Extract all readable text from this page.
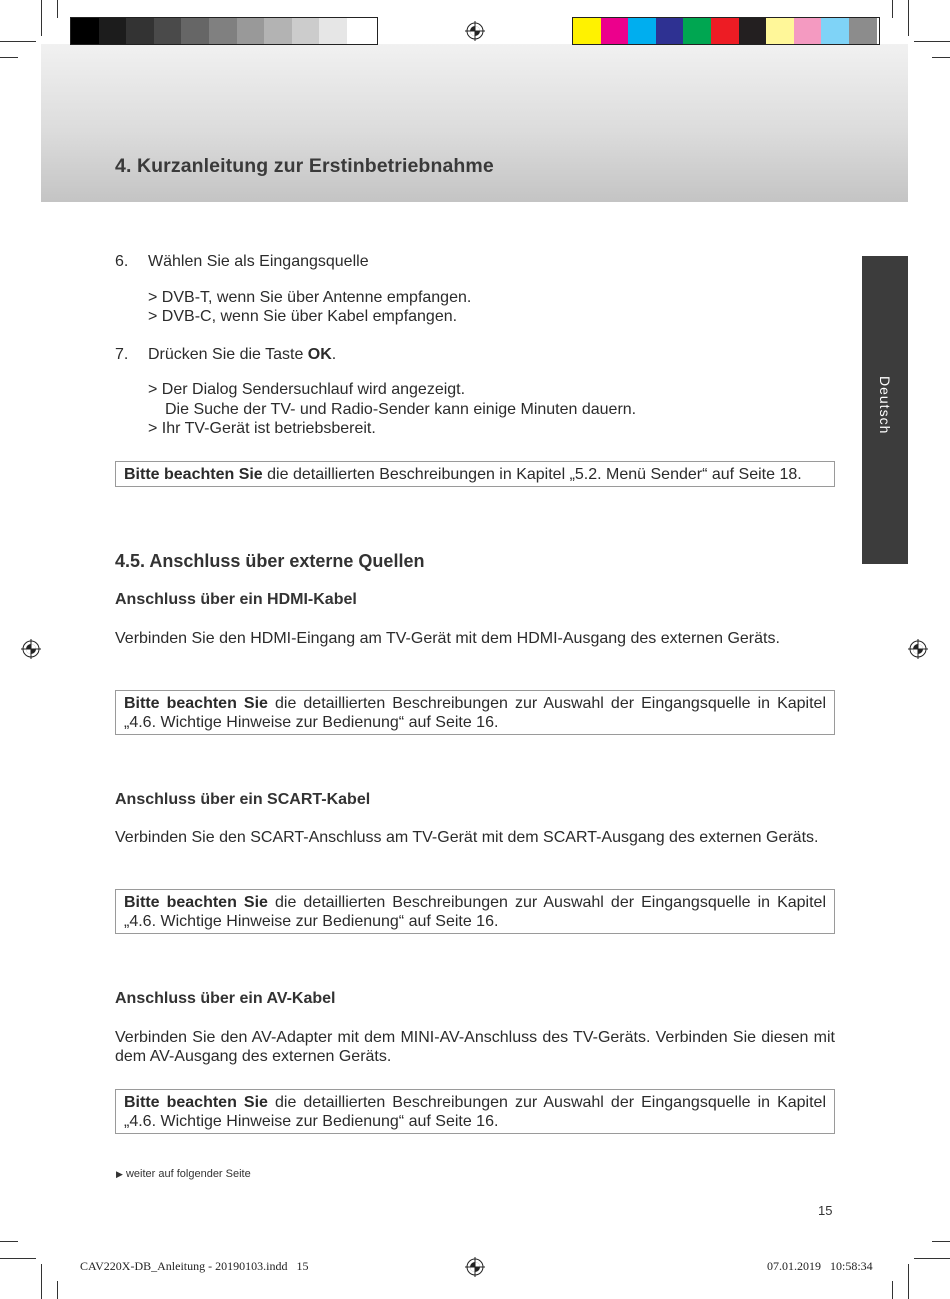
4. Kurzanleitung zur Erstinbetriebnahme
Deutsch
6. Wählen Sie als Eingangsquelle
> DVB-T, wenn Sie über Antenne empfangen.
> DVB-C, wenn Sie über Kabel empfangen.
7. Drücken Sie die Taste OK.
> Der Dialog Sendersuchlauf wird angezeigt.
Die Suche der TV- und Radio-Sender kann einige Minuten dauern.
> Ihr TV-Gerät ist betriebsbereit.
Bitte beachten Sie die detaillierten Beschreibungen in Kapitel „5.2. Menü Sender“ auf Seite 18.
4.5. Anschluss über externe Quellen
Anschluss über ein HDMI-Kabel
Verbinden Sie den HDMI-Eingang am TV-Gerät mit dem HDMI-Ausgang des externen Geräts.
Bitte beachten Sie die detaillierten Beschreibungen zur Auswahl der Eingangsquelle in Kapitel „4.6. Wichtige Hinweise zur Bedienung“ auf Seite 16.
Anschluss über ein SCART-Kabel
Verbinden Sie den SCART-Anschluss am TV-Gerät mit dem SCART-Ausgang des externen Geräts.
Bitte beachten Sie die detaillierten Beschreibungen zur Auswahl der Eingangsquelle in Kapitel „4.6. Wichtige Hinweise zur Bedienung“ auf Seite 16.
Anschluss über ein AV-Kabel
Verbinden Sie den AV-Adapter mit dem MINI-AV-Anschluss des TV-Geräts. Verbinden Sie diesen mit dem AV-Ausgang des externen Geräts.
Bitte beachten Sie die detaillierten Beschreibungen zur Auswahl der Eingangsquelle in Kapitel „4.6. Wichtige Hinweise zur Bedienung“ auf Seite 16.
▶ weiter auf folgender Seite
15
CAV220X-DB_Anleitung - 20190103.indd   15	07.01.2019   10:58:34
